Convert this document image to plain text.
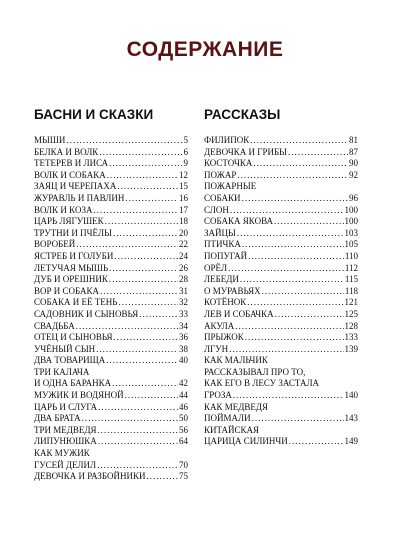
СОДЕРЖАНИЕ
БАСНИ И СКАЗКИ
МЫШИ .....	5
БЕЛКА И ВОЛК .....	6
ТЕТЕРЕВ И ЛИСА .....	9
ВОЛК И СОБАКА .....	12
ЗАЯЦ И ЧЕРЕПАХА .....	15
ЖУРАВЛЬ И ПАВЛИН .....	16
ВОЛК И КОЗА .....	17
ЦАРЬ ЛЯГУШЕК .....	18
ТРУТНИ И ПЧЁЛЫ .....	20
ВОРОБЕЙ .....	22
ЯСТРЕБ И ГОЛУБИ .....	24
ЛЕТУЧАЯ МЫШЬ .....	26
ДУБ И ОРЕШНИК .....	28
ВОР И СОБАКА .....	31
СОБАКА И ЕЁ ТЕНЬ .....	32
САДОВНИК И СЫНОВЬЯ .....	33
СВАДЬБА .....	34
ОТЕЦ И СЫНОВЬЯ .....	36
УЧЁНЫЙ СЫН .....	38
ДВА ТОВАРИЩА .....	40
ТРИ КАЛАЧА
И ОДНА БАРАНКА .....	42
МУЖИК И ВОДЯНОЙ .....	44
ЦАРЬ И СЛУГА .....	46
ДВА БРАТА .....	50
ТРИ МЕДВЕДЯ .....	56
ЛИПУНЮШКА .....	64
КАК МУЖИК
ГУСЕЙ ДЕЛИЛ .....	70
ДЕВОЧКА И РАЗБОЙНИКИ .....	75
РАССКАЗЫ
ФИЛИПОК .....	81
ДЕВОЧКА И ГРИБЫ .....	87
КОСТОЧКА .....	90
ПОЖАР .....	92
ПОЖАРНЫЕ
СОБАКИ .....	96
СЛОН .....	100
СОБАКА ЯКОВА .....	100
ЗАЙЦЫ .....	103
ПТИЧКА .....	105
ПОПУГАЙ .....	110
ОРЁЛ .....	112
ЛЕБЕДИ .....	115
О МУРАВЬЯХ .....	118
КОТЁНОК .....	121
ЛЕВ И СОБАЧКА .....	125
АКУЛА .....	128
ПРЫЖОК .....	133
ЛГУН .....	139
КАК МАЛЬЧИК
РАССКАЗЫВАЛ ПРО ТО,
КАК ЕГО В ЛЕСУ ЗАСТАЛА
ГРОЗА .....	140
КАК МЕДВЕДЯ
ПОЙМАЛИ .....	143
КИТАЙСКАЯ
ЦАРИЦА СИЛИНЧИ .....	149
